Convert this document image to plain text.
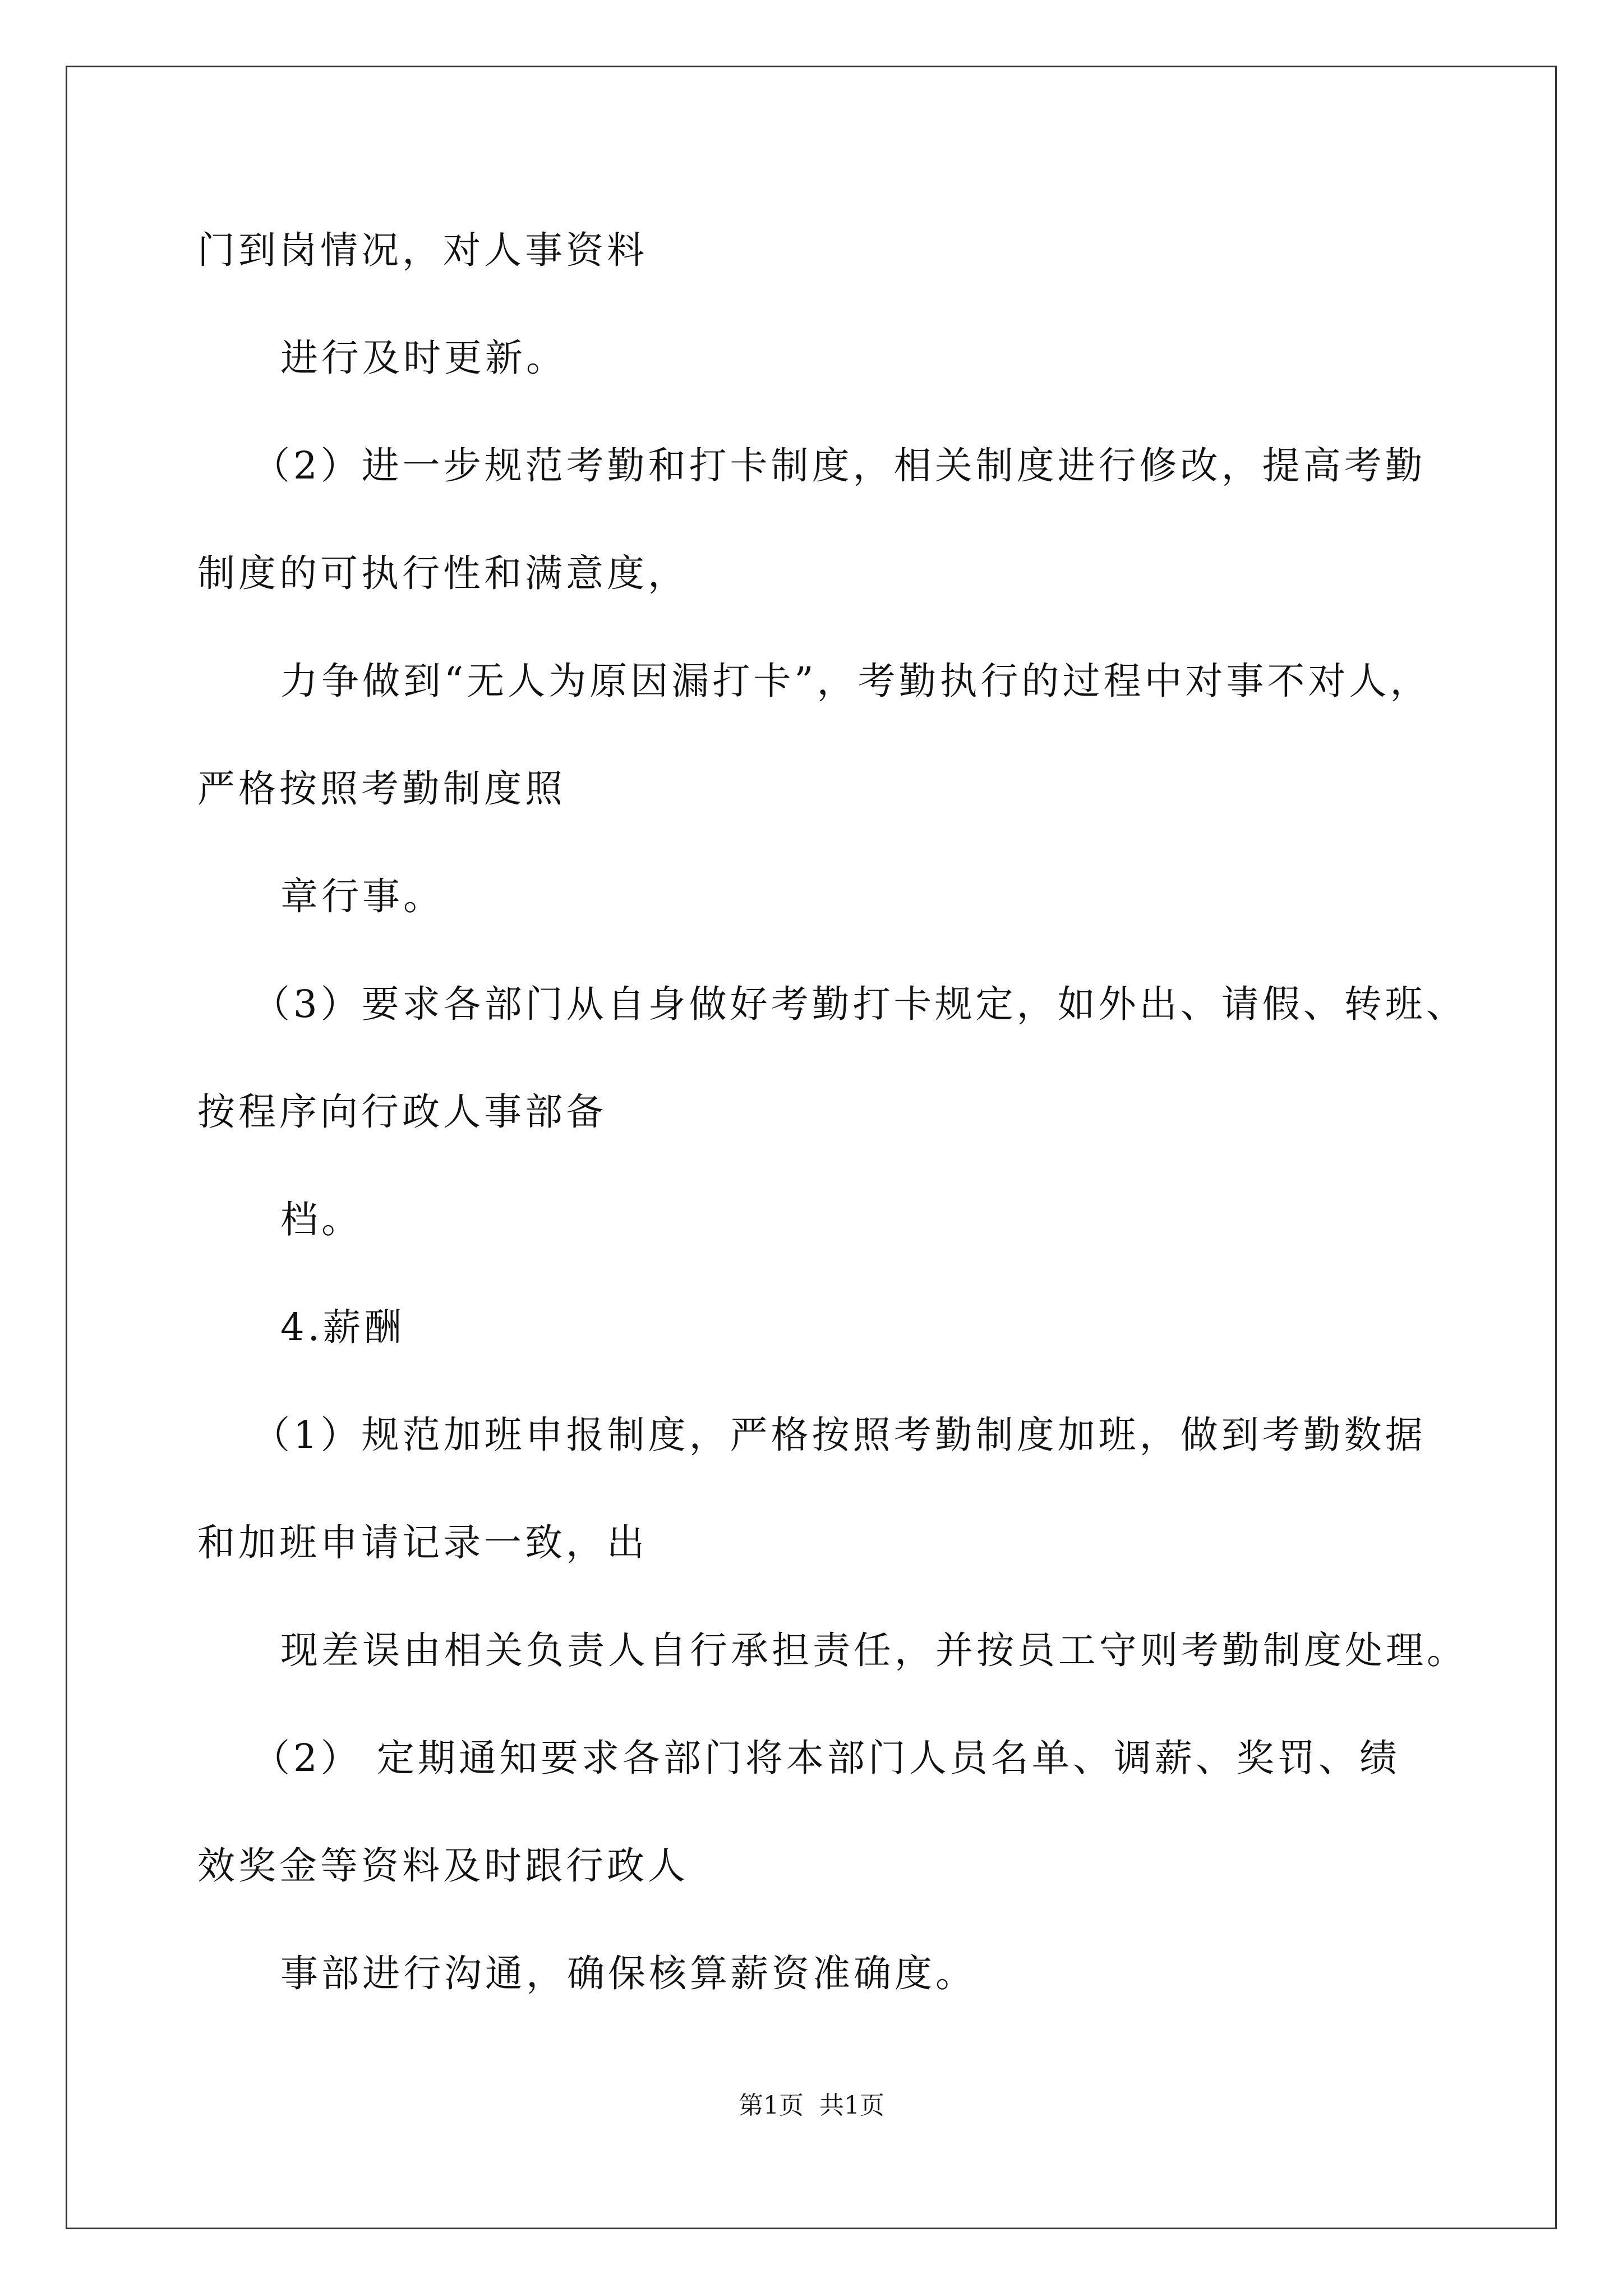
门到岗情况，对人事资料
进行及时更新。
（2）进一步规范考勤和打卡制度，相关制度进行修改，提高考勤
制度的可执行性和满意度，
力争做到“无人为原因漏打卡”，考勤执行的过程中对事不对人，
严格按照考勤制度照
章行事。
（3）要求各部门从自身做好考勤打卡规定，如外出、请假、转班、
按程序向行政人事部备
档。
4.薪酬
（1）规范加班申报制度，严格按照考勤制度加班，做到考勤数据
和加班申请记录一致，出
现差误由相关负责人自行承担责任，并按员工守则考勤制度处理。
（2） 定期通知要求各部门将本部门人员名单、调薪、奖罚、绩
效奖金等资料及时跟行政人
事部进行沟通，确保核算薪资准确度。
第1页 共1页
